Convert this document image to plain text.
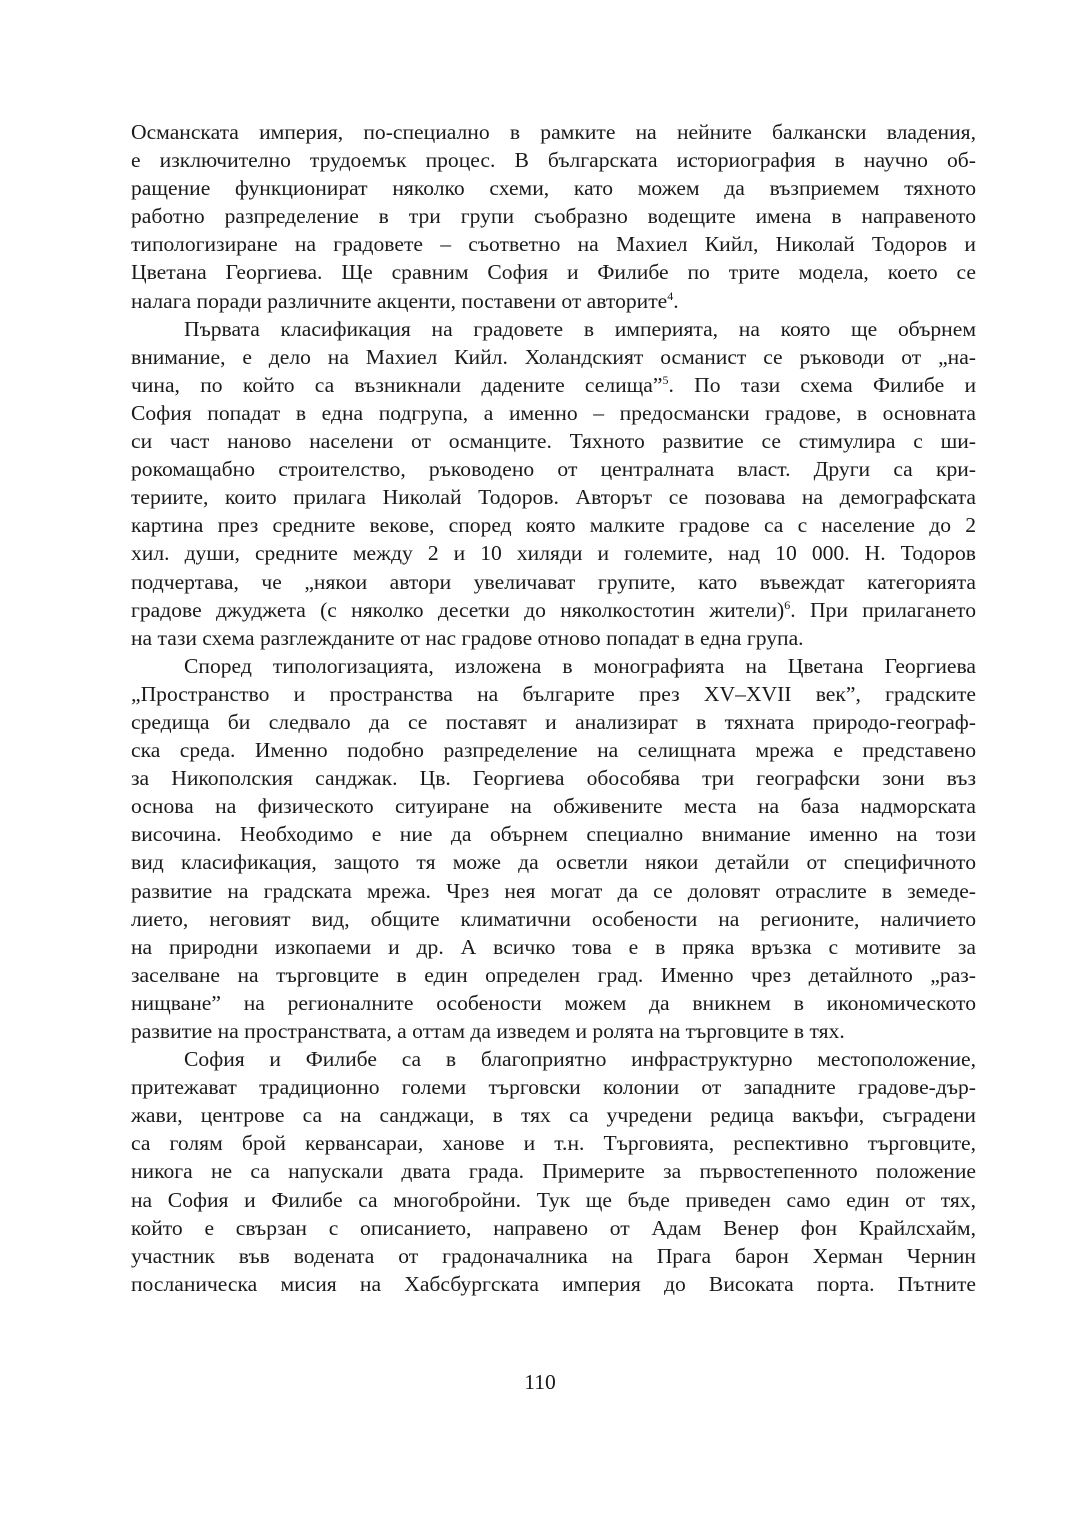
Османската империя, по-специално в рамките на нейните балкански владения,
е изключително трудоемък процес. В българската историография в научно об-
ращение функционират няколко схеми, като можем да възприемем тяхното
работно разпределение в три групи съобразно водещите имена в направеното
типологизиране на градовете – съответно на Махиел Кийл, Николай Тодоров и
Цветана Георгиева. Ще сравним София и Филибе по трите модела, което се
налага поради различните акценти, поставени от авторите$^4$.
Първата класификация на градовете в империята, на която ще обърнем
внимание, е дело на Махиел Кийл. Холандският османист се ръководи от „на-
чина, по който са възникнали дадените селища”$^5$. По тази схема Филибе и
София попадат в една подгрупа, а именно – предосмански градове, в основната
си част наново населени от османците. Тяхното развитие се стимулира с ши-
рокомащабно строителство, ръководено от централната власт. Други са кри-
териите, които прилага Николай Тодоров. Авторът се позовава на демографската
картина през средните векове, според която малките градове са с население до 2
хил. души, средните между 2 и 10 хиляди и големите, над 10 000. Н. Тодоров
подчертава, че „някои автори увеличават групите, като въвеждат категорията
градове джуджета (с няколко десетки до няколкостотин жители)$^6$. При прилагането
на тази схема разглежданите от нас градове отново попадат в една група.
Според типологизацията, изложена в монографията на Цветана Георгиева
„Пространство и пространства на българите през XV–XVII век”, градските
средища би следвало да се поставят и анализират в тяхната природо-географ-
ска среда. Именно подобно разпределение на селищната мрежа е представено
за Никополския санджак. Цв. Георгиева обособява три географски зони въз
основа на физическото ситуиране на обживените места на база надморската
височина. Необходимо е ние да обърнем специално внимание именно на този
вид класификация, защото тя може да осветли някои детайли от специфичното
развитие на градската мрежа. Чрез нея могат да се доловят отраслите в земеде-
лието, неговият вид, общите климатични особености на регионите, наличието
на природни изкопаеми и др. А всичко това е в пряка връзка с мотивите за
заселване на търговците в един определен град. Именно чрез детайлното „раз-
нищване” на регионалните особености можем да вникнем в икономическото
развитие на пространствата, а оттам да изведем и ролята на търговците в тях.
София и Филибе са в благоприятно инфраструктурно местоположение,
притежават традиционно големи търговски колонии от западните градове-дър-
жави, центрове са на санджаци, в тях са учредени редица вакъфи, съградени
са голям брой кервансараи, ханове и т.н. Търговията, респективно търговците,
никога не са напускали двата града. Примерите за първостепенното положение
на София и Филибе са многобройни. Тук ще бъде приведен само един от тях,
който е свързан с описанието, направено от Адам Венер фон Крайлсхайм,
участник във водената от градоначалника на Прага барон Херман Чернин
посланическа мисия на Хабсбургската империя до Високата порта. Пътните
110
